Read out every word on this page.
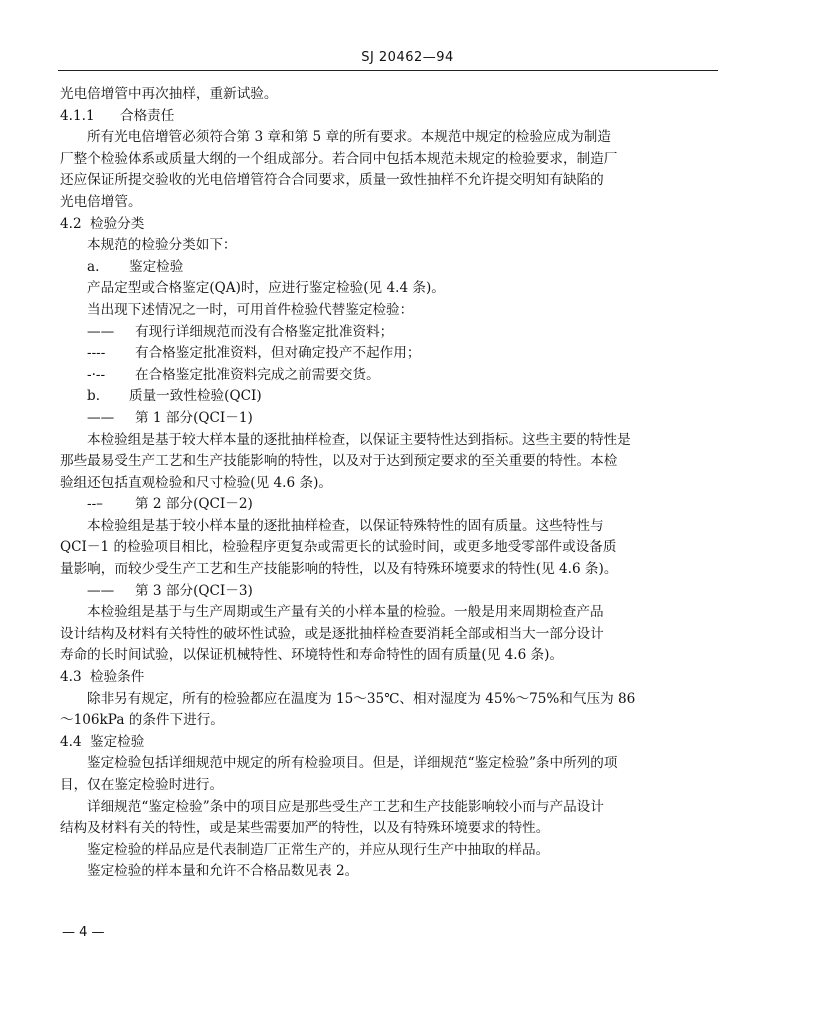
SJ 20462—94
光电倍增管中再次抽样，重新试验。
4.1.1 合格责任
所有光电倍增管必须符合第 3 章和第 5 章的所有要求。本规范中规定的检验应成为制造
厂整个检验体系或质量大纲的一个组成部分。若合同中包括本规范未规定的检验要求，制造厂
还应保证所提交验收的光电倍增管符合合同要求，质量一致性抽样不允许提交明知有缺陷的
光电倍增管。
4.2 检验分类
本规范的检验分类如下：
a. 鉴定检验
产品定型或合格鉴定(QA)时，应进行鉴定检验(见 4.4 条)。
当出现下述情况之一时，可用首件检验代替鉴定检验：
—— 有现行详细规范而没有合格鉴定批准资料；
---- 有合格鉴定批准资料，但对确定投产不起作用；
-·-- 在合格鉴定批准资料完成之前需要交货。
b. 质量一致性检验(QCI)
—— 第 1 部分(QCI－1)
本检验组是基于较大样本量的逐批抽样检查，以保证主要特性达到指标。这些主要的特性是
那些最易受生产工艺和生产技能影响的特性，以及对于达到预定要求的至关重要的特性。本检
验组还包括直观检验和尺寸检验(见 4.6 条)。
--– 第 2 部分(QCI－2)
本检验组是基于较小样本量的逐批抽样检查，以保证特殊特性的固有质量。这些特性与
QCI－1 的检验项目相比，检验程序更复杂或需更长的试验时间，或更多地受零部件或设备质
量影响，而较少受生产工艺和生产技能影响的特性，以及有特殊环境要求的特性(见 4.6 条)。
—— 第 3 部分(QCI－3)
本检验组是基于与生产周期或生产量有关的小样本量的检验。一般是用来周期检查产品
设计结构及材料有关特性的破坏性试验，或是逐批抽样检查要消耗全部或相当大一部分设计
寿命的长时间试验，以保证机械特性、环境特性和寿命特性的固有质量(见 4.6 条)。
4.3 检验条件
除非另有规定，所有的检验都应在温度为 15～35℃、相对湿度为 45%～75%和气压为 86
～106kPa 的条件下进行。
4.4 鉴定检验
鉴定检验包括详细规范中规定的所有检验项目。但是，详细规范“鉴定检验”条中所列的项
目，仅在鉴定检验时进行。
详细规范“鉴定检验”条中的项目应是那些受生产工艺和生产技能影响较小而与产品设计
结构及材料有关的特性，或是某些需要加严的特性，以及有特殊环境要求的特性。
鉴定检验的样品应是代表制造厂正常生产的，并应从现行生产中抽取的样品。
鉴定检验的样本量和允许不合格品数见表 2。
— 4 —
